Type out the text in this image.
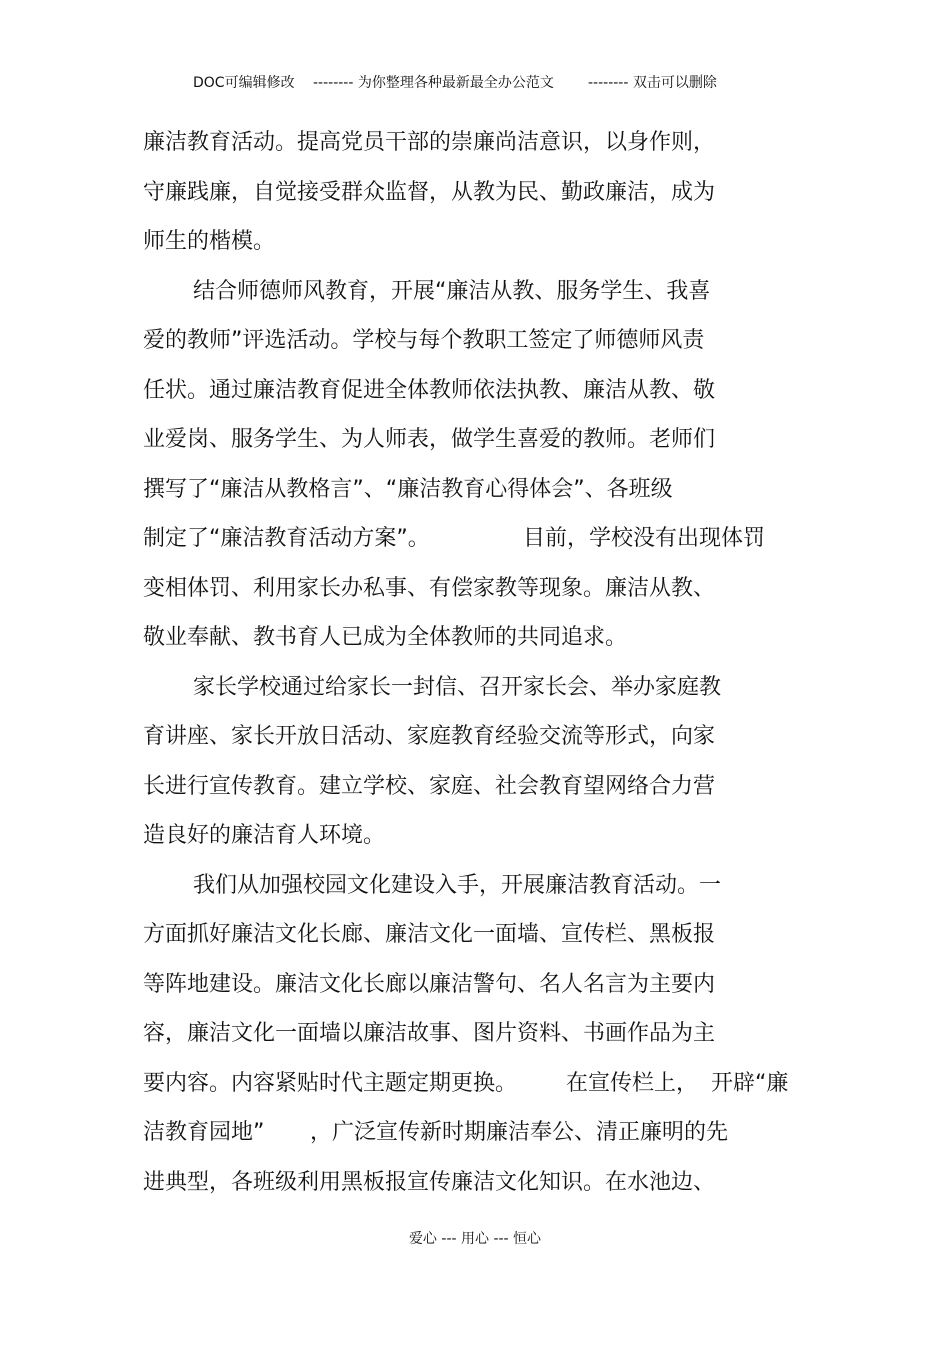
DOC可编辑修改 -------- 为你整理各种最新最全办公范文 -------- 双击可以删除
廉洁教育活动。提高党员干部的崇廉尚洁意识，以身作则，
守廉践廉，自觉接受群众监督，从教为民、勤政廉洁，成为
师生的楷模。
结合师德师风教育，开展“廉洁从教、服务学生、我喜
爱的教师”评选活动。学校与每个教职工签定了师德师风责
任状。通过廉洁教育促进全体教师依法执教、廉洁从教、敬
业爱岗、服务学生、为人师表，做学生喜爱的教师。老师们
撰写了“廉洁从教格言”、“廉洁教育心得体会”、各班级
制定了“廉洁教育活动方案”。	目前，学校没有出现体罚
变相体罚、利用家长办私事、有偿家教等现象。廉洁从教、
敬业奉献、教书育人已成为全体教师的共同追求。
家长学校通过给家长一封信、召开家长会、举办家庭教
育讲座、家长开放日活动、家庭教育经验交流等形式，向家
长进行宣传教育。建立学校、家庭、社会教育望网络合力营
造良好的廉洁育人环境。
我们从加强校园文化建设入手，开展廉洁教育活动。一
方面抓好廉洁文化长廊、廉洁文化一面墙、宣传栏、黑板报
等阵地建设。廉洁文化长廊以廉洁警句、名人名言为主要内
容，廉洁文化一面墙以廉洁故事、图片资料、书画作品为主
要内容。内容紧贴时代主题定期更换。 在宣传栏上， 开辟“廉
洁教育园地” ，广泛宣传新时期廉洁奉公、清正廉明的先
进典型，各班级利用黑板报宣传廉洁文化知识。在水池边、
爱心 --- 用心 --- 恒心
